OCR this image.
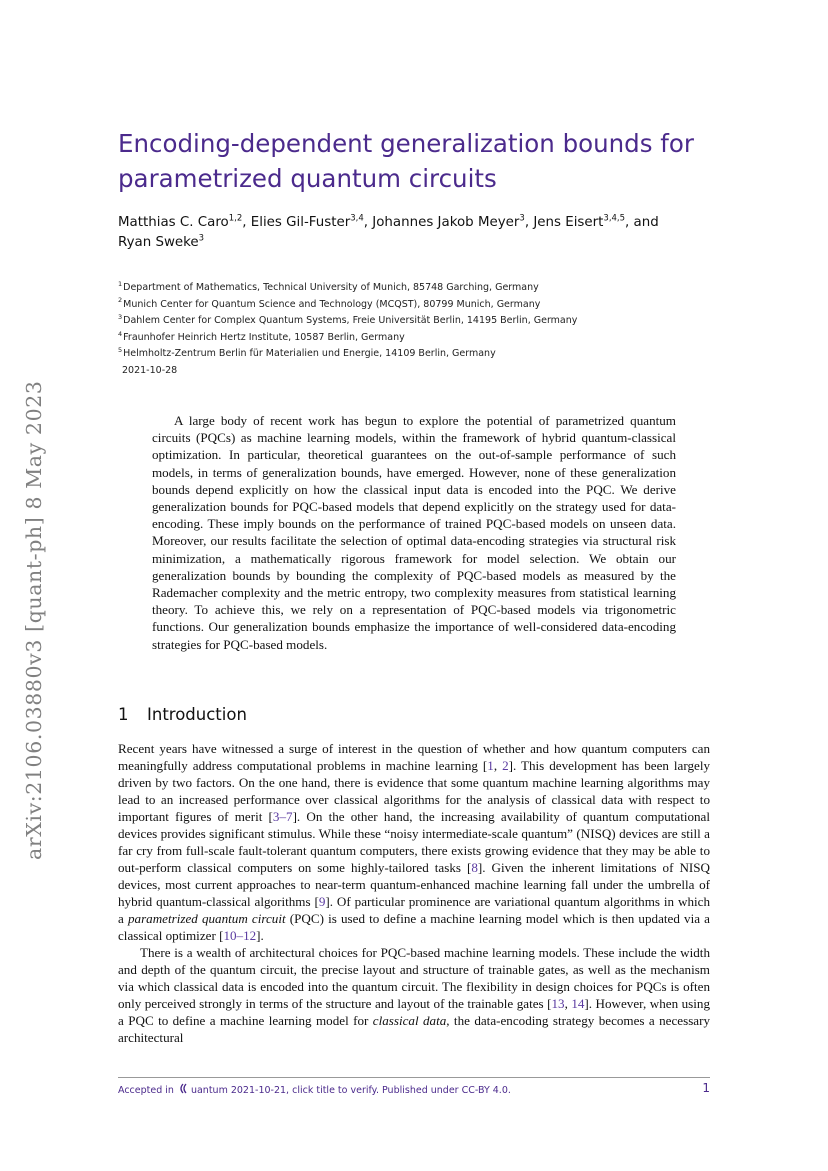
arXiv:2106.03880v3 [quant-ph] 8 May 2023
Encoding-dependent generalization bounds for parametrized quantum circuits
Matthias C. Caro$^{1,2}$, Elies Gil-Fuster$^{3,4}$, Johannes Jakob Meyer$^3$, Jens Eisert$^{3,4,5}$, and
Ryan Sweke$^3$
$^1$Department of Mathematics, Technical University of Munich, 85748 Garching, Germany
$^2$Munich Center for Quantum Science and Technology (MCQST), 80799 Munich, Germany
$^3$Dahlem Center for Complex Quantum Systems, Freie Universität Berlin, 14195 Berlin, Germany
$^4$Fraunhofer Heinrich Hertz Institute, 10587 Berlin, Germany
$^5$Helmholtz-Zentrum Berlin für Materialien und Energie, 14109 Berlin, Germany
2021-10-28

A large body of recent work has begun to explore the potential of parametrized quantum circuits (PQCs) as machine learning models, within the framework of hybrid quantum-classical optimization. In particular, theoretical guarantees on the out-of-sample performance of such models, in terms of generalization bounds, have emerged. However, none of these generalization bounds depend explicitly on how the classical input data is encoded into the PQC. We derive generalization bounds for PQC-based models that depend explicitly on the strategy used for data-encoding. These imply bounds on the performance of trained PQC-based models on unseen data. Moreover, our results facilitate the selection of optimal data-encoding strategies via structural risk minimization, a mathematically rigorous framework for model selection. We obtain our generalization bounds by bounding the complexity of PQC-based models as measured by the Rademacher complexity and the metric entropy, two complexity measures from statistical learning theory. To achieve this, we rely on a representation of PQC-based models via trigonometric functions. Our generalization bounds emphasize the importance of well-considered data-encoding strategies for PQC-based models.

1 Introduction

Recent years have witnessed a surge of interest in the question of whether and how quantum computers can meaningfully address computational problems in machine learning [1, 2]. This development has been largely driven by two factors. On the one hand, there is evidence that some quantum machine learning algorithms may lead to an increased performance over classical algorithms for the analysis of classical data with respect to important figures of merit [3–7]. On the other hand, the increasing availability of quantum computational devices provides significant stimulus. While these “noisy intermediate-scale quantum” (NISQ) devices are still a far cry from full-scale fault-tolerant quantum computers, there exists growing evidence that they may be able to out-perform classical computers on some highly-tailored tasks [8]. Given the inherent limitations of NISQ devices, most current approaches to near-term quantum-enhanced machine learning fall under the umbrella of hybrid quantum-classical algorithms [9]. Of particular prominence are variational quantum algorithms in which a parametrized quantum circuit (PQC) is used to define a machine learning model which is then updated via a classical optimizer [10–12].

There is a wealth of architectural choices for PQC-based machine learning models. These include the width and depth of the quantum circuit, the precise layout and structure of trainable gates, as well as the mechanism via which classical data is encoded into the quantum circuit. The flexibility in design choices for PQCs is often only perceived strongly in terms of the structure and layout of the trainable gates [13, 14]. However, when using a PQC to define a machine learning model for classical data, the data-encoding strategy becomes a necessary architectural

Accepted in uantum 2021-10-21, click title to verify. Published under CC-BY 4.0.	1
